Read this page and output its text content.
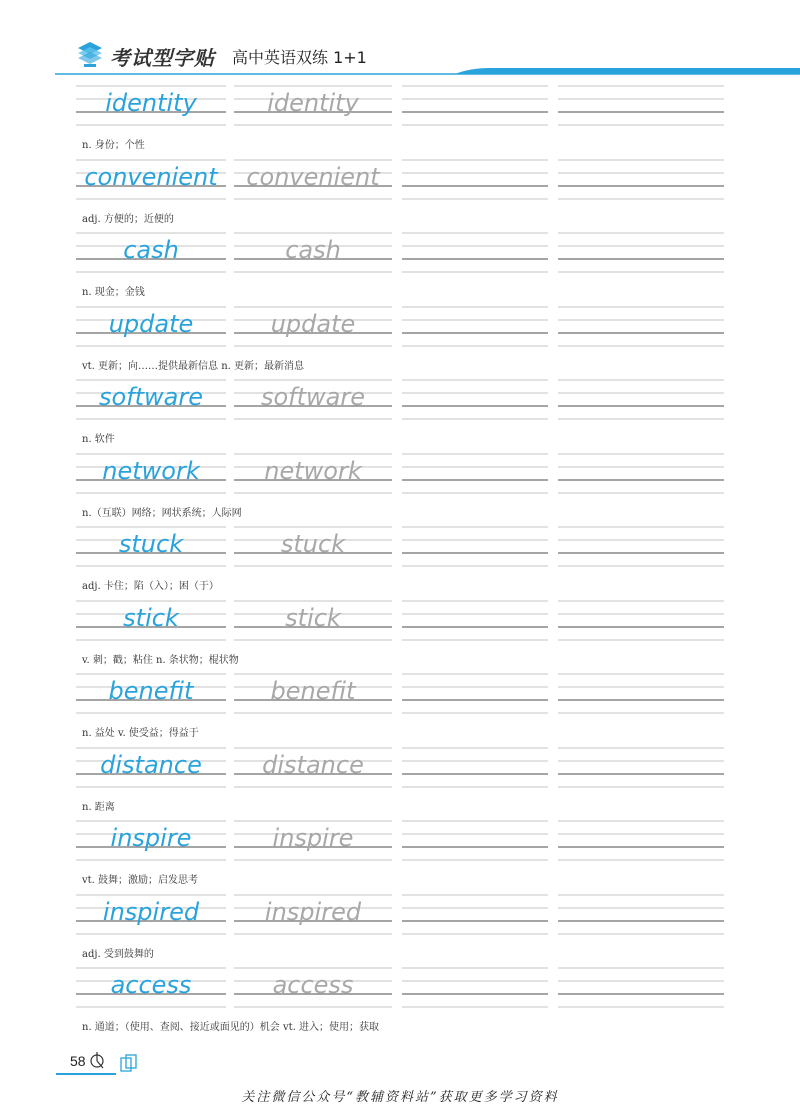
考试型字贴 高中英语双练 1+1
identity	identity
n. 身份；个性
convenient	convenient
adj. 方便的；近便的
cash	cash
n. 现金；金钱
update	update
vt. 更新；向……提供最新信息 n. 更新；最新消息
software	software
n. 软件
network	network
n.（互联）网络；网状系统；人际网
stuck	stuck
adj. 卡住；陷（入）；困（于）
stick	stick
v. 刺；戳；粘住 n. 条状物；棍状物
benefit	benefit
n. 益处 v. 使受益；得益于
distance	distance
n. 距离
inspire	inspire
vt. 鼓舞；激励；启发思考
inspired	inspired
adj. 受到鼓舞的
access	access
n. 通道；（使用、查阅、接近或面见的）机会 vt. 进入；使用；获取
58
关注微信公众号“教辅资料站”获取更多学习资料
